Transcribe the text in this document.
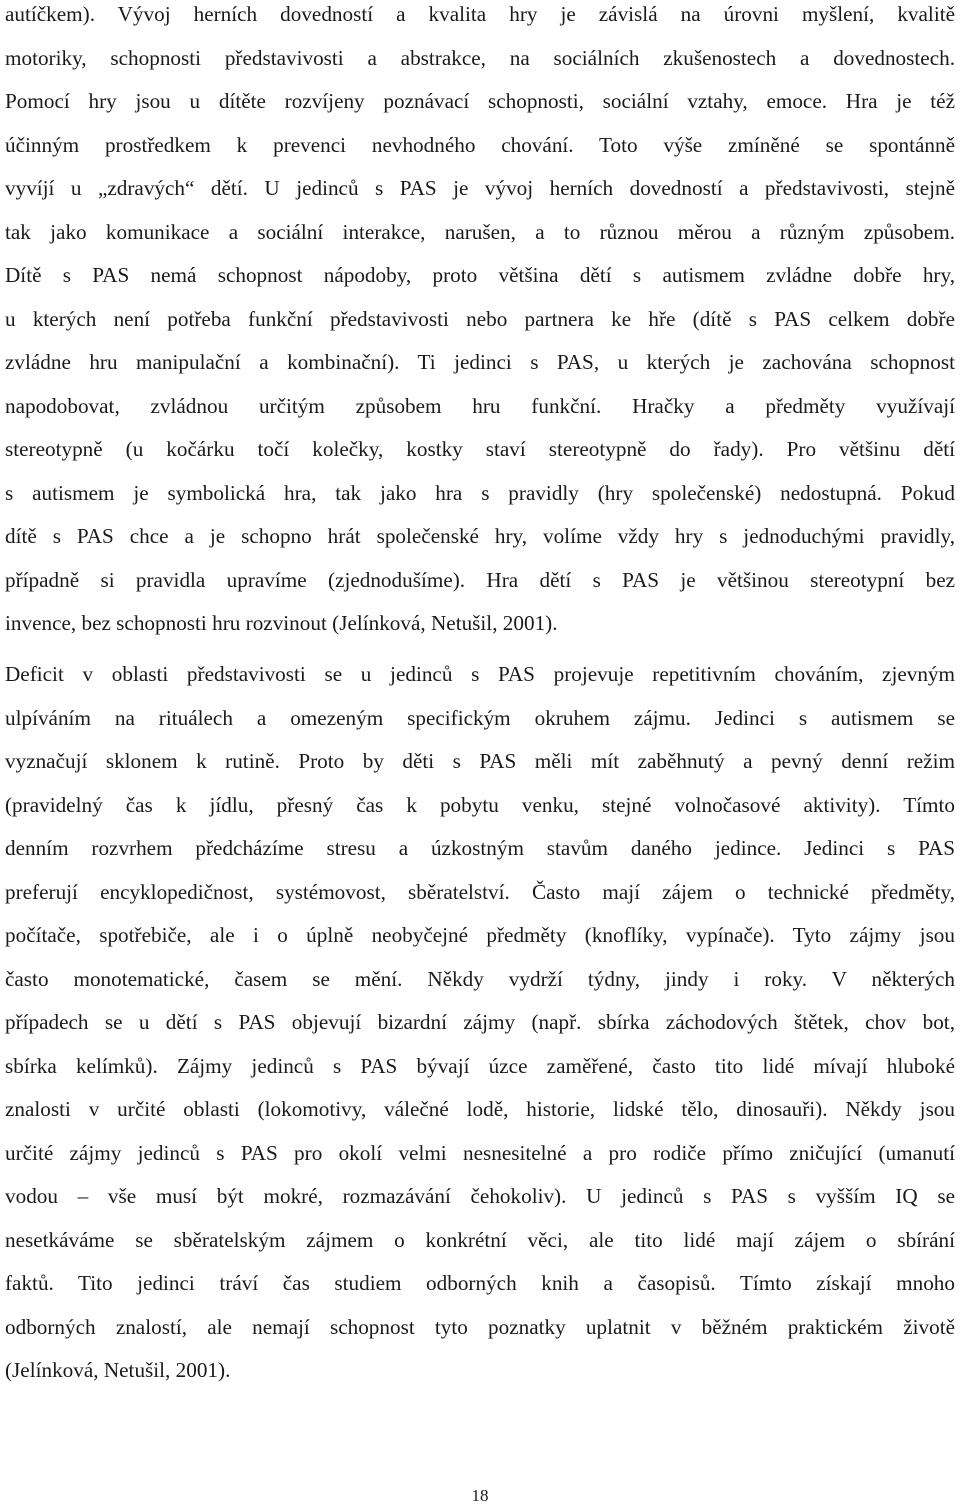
autíčkem). Vývoj herních dovedností a kvalita hry je závislá na úrovni myšlení, kvalitě
motoriky, schopnosti představivosti a abstrakce, na sociálních zkušenostech a dovednostech.
Pomocí hry jsou u dítěte rozvíjeny poznávací schopnosti, sociální vztahy, emoce. Hra je též
účinným prostředkem k prevenci nevhodného chování. Toto výše zmíněné se spontánně
vyvíjí u „zdravých“ dětí. U jedinců s PAS je vývoj herních dovedností a představivosti, stejně
tak jako komunikace a sociální interakce, narušen, a to různou měrou a různým způsobem.
Dítě s PAS nemá schopnost nápodoby, proto většina dětí s autismem zvládne dobře hry,
u kterých není potřeba funkční představivosti nebo partnera ke hře (dítě s PAS celkem dobře
zvládne hru manipulační a kombinační). Ti jedinci s PAS, u kterých je zachována schopnost
napodobovat, zvládnou určitým způsobem hru funkční. Hračky a předměty využívají
stereotypně (u kočárku točí kolečky, kostky staví stereotypně do řady). Pro většinu dětí
s autismem je symbolická hra, tak jako hra s pravidly (hry společenské) nedostupná. Pokud
dítě s PAS chce a je schopno hrát společenské hry, volíme vždy hry s jednoduchými pravidly,
případně si pravidla upravíme (zjednodušíme). Hra dětí s PAS je většinou stereotypní bez
invence, bez schopnosti hru rozvinout (Jelínková, Netušil, 2001).
Deficit v oblasti představivosti se u jedinců s PAS projevuje repetitivním chováním, zjevným
ulpíváním na rituálech a omezeným specifickým okruhem zájmu. Jedinci s autismem se
vyznačují sklonem k rutině. Proto by děti s PAS měli mít zaběhnutý a pevný denní režim
(pravidelný čas k jídlu, přesný čas k pobytu venku, stejné volnočasové aktivity). Tímto
denním rozvrhem předcházíme stresu a úzkostným stavům daného jedince. Jedinci s PAS
preferují encyklopedičnost, systémovost, sběratelství. Často mají zájem o technické předměty,
počítače, spotřebiče, ale i o úplně neobyčejné předměty (knoflíky, vypínače). Tyto zájmy jsou
často monotematické, časem se mění. Někdy vydrží týdny, jindy i roky. V některých
případech se u dětí s PAS objevují bizardní zájmy (např. sbírka záchodových štětek, chov bot,
sbírka kelímků). Zájmy jedinců s PAS bývají úzce zaměřené, často tito lidé mívají hluboké
znalosti v určité oblasti (lokomotivy, válečné lodě, historie, lidské tělo, dinosauři). Někdy jsou
určité zájmy jedinců s PAS pro okolí velmi nesnesitelné a pro rodiče přímo zničující (umanutí
vodou – vše musí být mokré, rozmazávání čehokoliv). U jedinců s PAS s vyšším IQ se
nesetkáváme se sběratelským zájmem o konkrétní věci, ale tito lidé mají zájem o sbírání
faktů. Tito jedinci tráví čas studiem odborných knih a časopisů. Tímto získají mnoho
odborných znalostí, ale nemají schopnost tyto poznatky uplatnit v běžném praktickém životě
(Jelínková, Netušil, 2001).
18
